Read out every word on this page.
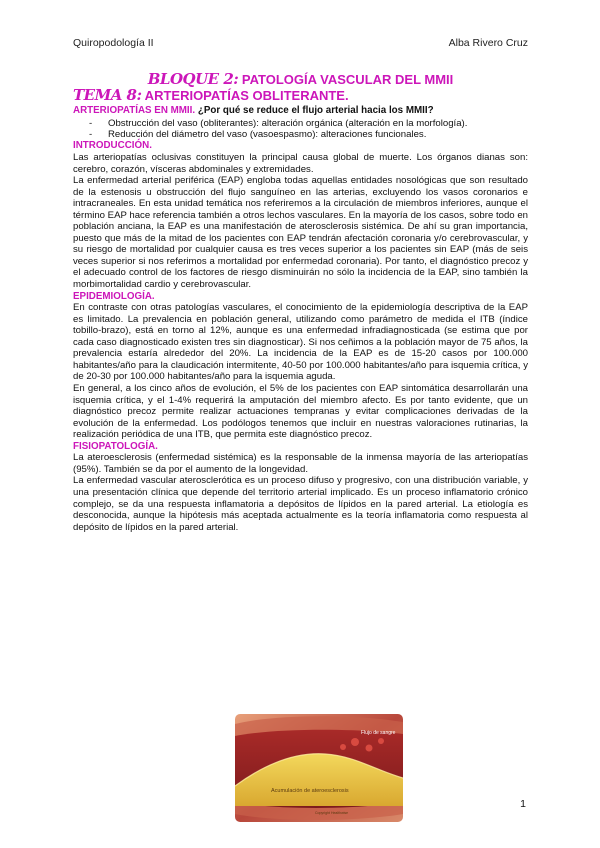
Quiropodología II	Alba Rivero Cruz

BLOQUE 2: PATOLOGÍA VASCULAR DEL MMII

TEMA 8: ARTERIOPATÍAS OBLITERANTE.

ARTERIOPATÍAS EN MMII. ¿Por qué se reduce el flujo arterial hacia los MMII?

- Obstrucción del vaso (obliterantes): alteración orgánica (alteración en la morfología).
- Reducción del diámetro del vaso (vasoespasmo): alteraciones funcionales.

INTRODUCCIÓN.

Las arteriopatías oclusivas constituyen la principal causa global de muerte. Los órganos dianas son: cerebro, corazón, vísceras abdominales y extremidades.

La enfermedad arterial periférica (EAP) engloba todas aquellas entidades nosológicas que son resultado de la estenosis u obstrucción del flujo sanguíneo en las arterias, excluyendo los vasos coronarios e intracraneales. En esta unidad temática nos referiremos a la circulación de miembros inferiores, aunque el término EAP hace referencia también a otros lechos vasculares. En la mayoría de los casos, sobre todo en población anciana, la EAP es una manifestación de aterosclerosis sistémica. De ahí su gran importancia, puesto que más de la mitad de los pacientes con EAP tendrán afectación coronaria y/o cerebrovascular, y su riesgo de mortalidad por cualquier causa es tres veces superior a los pacientes sin EAP (más de seis veces superior si nos referimos a mortalidad por enfermedad coronaria). Por tanto, el diagnóstico precoz y el adecuado control de los factores de riesgo disminuirán no sólo la incidencia de la EAP, sino también la morbimortalidad cardio y cerebrovascular.

EPIDEMIOLOGÍA.

En contraste con otras patologías vasculares, el conocimiento de la epidemiología descriptiva de la EAP es limitado. La prevalencia en población general, utilizando como parámetro de medida el ITB (índice tobillo-brazo), está en torno al 12%, aunque es una enfermedad infradiagnosticada (se estima que por cada caso diagnosticado existen tres sin diagnosticar). Si nos ceñimos a la población mayor de 75 años, la prevalencia estaría alrededor del 20%. La incidencia de la EAP es de 15-20 casos por 100.000 habitantes/año para la claudicación intermitente, 40-50 por 100.000 habitantes/año para isquemia crítica, y de 20-30 por 100.000 habitantes/año para la isquemia aguda.

En general, a los cinco años de evolución, el 5% de los pacientes con EAP sintomática desarrollarán una isquemia crítica, y el 1-4% requerirá la amputación del miembro afecto. Es por tanto evidente, que un diagnóstico precoz permite realizar actuaciones tempranas y evitar complicaciones derivadas de la evolución de la enfermedad. Los podólogos tenemos que incluir en nuestras valoraciones rutinarias, la realización periódica de una ITB, que permita este diagnóstico precoz.

FISIOPATOLOGÍA.

La ateroesclerosis (enfermedad sistémica) es la responsable de la inmensa mayoría de las arteriopatías (95%). También se da por el aumento de la longevidad.

La enfermedad vascular aterosclerótica es un proceso difuso y progresivo, con una distribución variable, y una presentación clínica que depende del territorio arterial implicado. Es un proceso inflamatorio crónico complejo, se da una respuesta inflamatoria a depósitos de lípidos en la pared arterial. La etiología es desconocida, aunque la hipótesis más aceptada actualmente es la teoría inflamatoria como respuesta al depósito de lípidos en la pared arterial.

Flujo de sangre
Acumulación de ateroesclerosis
Copyright Healthwise
1
